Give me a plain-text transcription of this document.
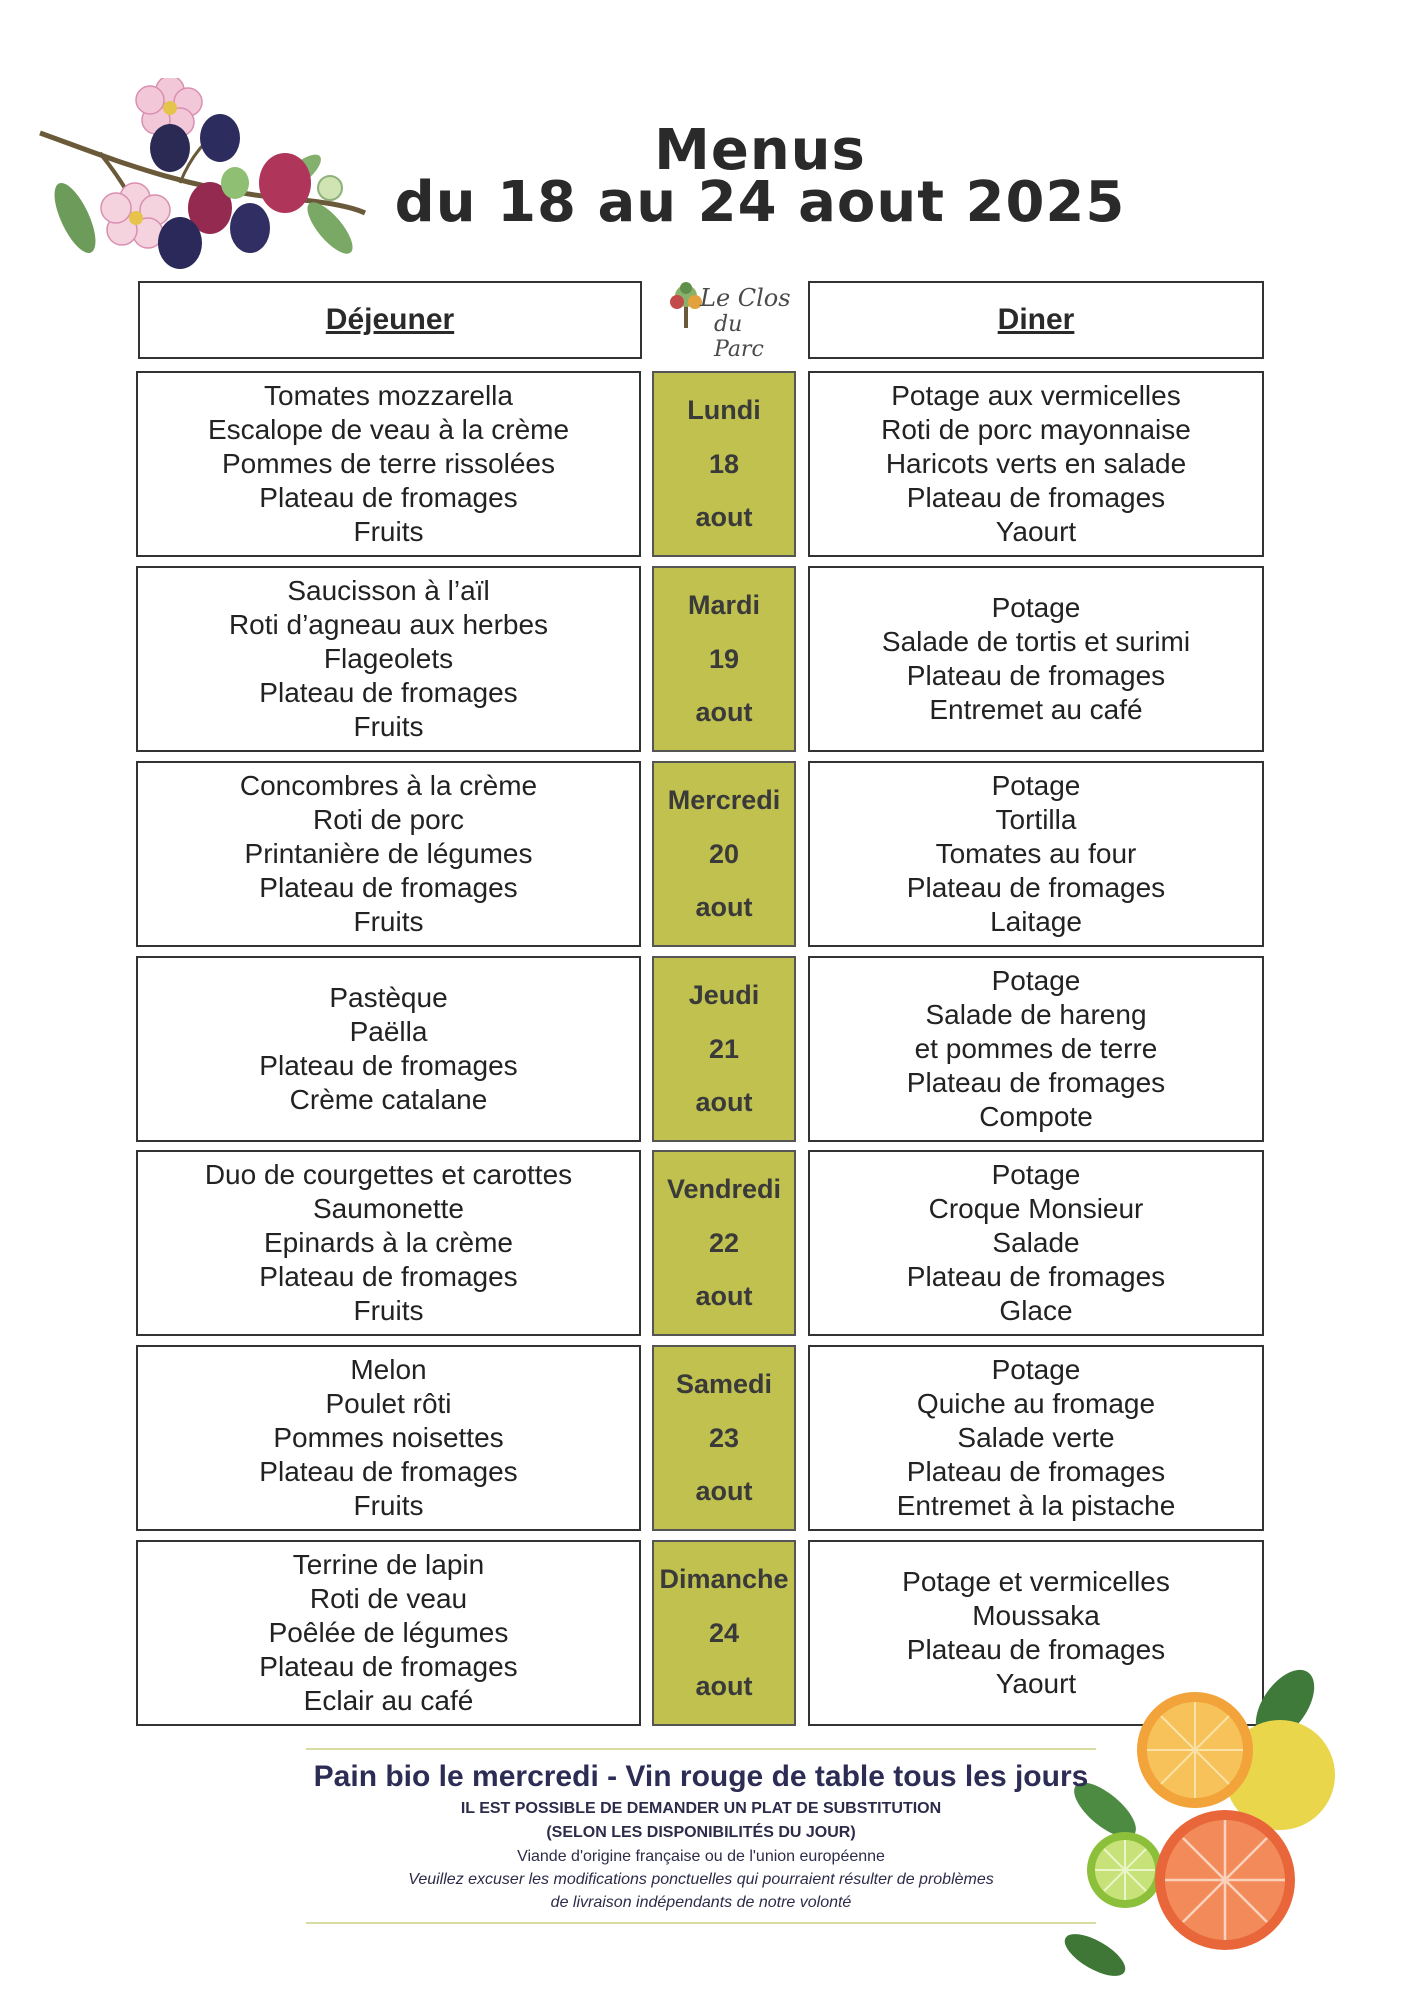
Menus
du 18 au 24 aout 2025
Déjeuner
Le Clos
du Parc
Diner
Tomates mozzarella
Escalope de veau à la crème
Pommes de terre rissolées
Plateau de fromages
Fruits
Lundi
18
aout
Potage aux vermicelles
Roti de porc mayonnaise
Haricots verts en salade
Plateau de fromages
Yaourt
Saucisson à l’aïl
Roti d’agneau aux herbes
Flageolets
Plateau de fromages
Fruits
Mardi
19
aout
Potage
Salade de tortis et surimi
Plateau de fromages
Entremet au café
Concombres à la crème
Roti de porc
Printanière de légumes
Plateau de fromages
Fruits
Mercredi
20
aout
Potage
Tortilla
Tomates au four
Plateau de fromages
Laitage
Pastèque
Paëlla
Plateau de fromages
Crème catalane
Jeudi
21
aout
Potage
Salade de hareng
et pommes de terre
Plateau de fromages
Compote
Duo de courgettes et carottes
Saumonette
Epinards à la crème
Plateau de fromages
Fruits
Vendredi
22
aout
Potage
Croque Monsieur
Salade
Plateau de fromages
Glace
Melon
Poulet rôti
Pommes noisettes
Plateau de fromages
Fruits
Samedi
23
aout
Potage
Quiche au fromage
Salade verte
Plateau de fromages
Entremet à la pistache
Terrine de lapin
Roti de veau
Poêlée de légumes
Plateau de fromages
Eclair au café
Dimanche
24
aout
Potage et vermicelles
Moussaka
Plateau de fromages
Yaourt
Pain bio le mercredi - Vin rouge de table tous les jours
IL EST POSSIBLE DE DEMANDER UN PLAT DE SUBSTITUTION
(SELON LES DISPONIBILITÉS DU JOUR)
Viande d'origine française ou de l'union européenne
Veuillez excuser les modifications ponctuelles qui pourraient résulter de problèmes
de livraison indépendants de notre volonté
